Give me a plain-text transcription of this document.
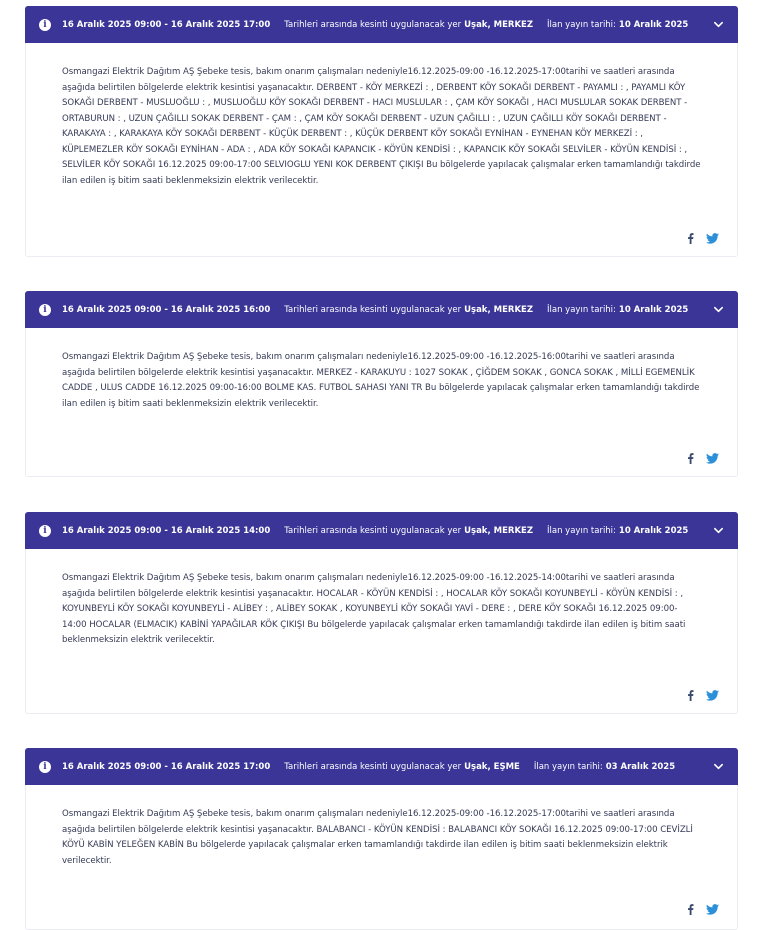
i	16 Aralık 2025 09:00 - 16 Aralık 2025 17:00 Tarihleri arasında kesinti uygulanacak yer Uşak, MERKEZ İlan yayın tarihi: 10 Aralık 2025
Osmangazi Elektrik Dağıtım AŞ Şebeke tesis, bakım onarım çalışmaları nedeniyle16.12.2025-09:00 -16.12.2025-17:00tarihi ve saatleri arasında aşağıda belirtilen bölgelerde elektrik kesintisi yaşanacaktır. DERBENT - KÖY MERKEZİ : , DERBENT KÖY SOKAĞI DERBENT - PAYAMLI : , PAYAMLI KÖY SOKAĞI DERBENT - MUSLUOĞLU : , MUSLUOĞLU KÖY SOKAĞI DERBENT - HACI MUSLULAR : , ÇAM KÖY SOKAĞI , HACI MUSLULAR SOKAK DERBENT - ORTABURUN : , UZUN ÇAĞILLI SOKAK DERBENT - ÇAM : , ÇAM KÖY SOKAĞI DERBENT - UZUN ÇAĞILLI : , UZUN ÇAĞILLI KÖY SOKAĞI DERBENT - KARAKAYA : , KARAKAYA KÖY SOKAĞI DERBENT - KÜÇÜK DERBENT : , KÜÇÜK DERBENT KÖY SOKAĞI EYNİHAN - EYNEHAN KÖY MERKEZİ : , KÜPLEMEZLER KÖY SOKAĞI EYNİHAN - ADA : , ADA KÖY SOKAĞI KAPANCIK - KÖYÜN KENDİSİ : , KAPANCIK KÖY SOKAĞI SELVİLER - KÖYÜN KENDİSİ : , SELVİLER KÖY SOKAĞI 16.12.2025 09:00-17:00 SELVIOGLU YENI KOK DERBENT ÇIKIŞI Bu bölgelerde yapılacak çalışmalar erken tamamlandığı takdirde ilan edilen iş bitim saati beklenmeksizin elektrik verilecektir.
i	16 Aralık 2025 09:00 - 16 Aralık 2025 16:00 Tarihleri arasında kesinti uygulanacak yer Uşak, MERKEZ İlan yayın tarihi: 10 Aralık 2025
Osmangazi Elektrik Dağıtım AŞ Şebeke tesis, bakım onarım çalışmaları nedeniyle16.12.2025-09:00 -16.12.2025-16:00tarihi ve saatleri arasında aşağıda belirtilen bölgelerde elektrik kesintisi yaşanacaktır. MERKEZ - KARAKUYU : 1027 SOKAK , ÇİĞDEM SOKAK , GONCA SOKAK , MİLLİ EGEMENLİK CADDE , ULUS CADDE 16.12.2025 09:00-16:00 BOLME KAS. FUTBOL SAHASI YANI TR Bu bölgelerde yapılacak çalışmalar erken tamamlandığı takdirde ilan edilen iş bitim saati beklenmeksizin elektrik verilecektir.
i	16 Aralık 2025 09:00 - 16 Aralık 2025 14:00 Tarihleri arasında kesinti uygulanacak yer Uşak, MERKEZ İlan yayın tarihi: 10 Aralık 2025
Osmangazi Elektrik Dağıtım AŞ Şebeke tesis, bakım onarım çalışmaları nedeniyle16.12.2025-09:00 -16.12.2025-14:00tarihi ve saatleri arasında aşağıda belirtilen bölgelerde elektrik kesintisi yaşanacaktır. HOCALAR - KÖYÜN KENDİSİ : , HOCALAR KÖY SOKAĞI KOYUNBEYLİ - KÖYÜN KENDİSİ : , KOYUNBEYLİ KÖY SOKAĞI KOYUNBEYLİ - ALİBEY : , ALİBEY SOKAK , KOYUNBEYLİ KÖY SOKAĞI YAVİ - DERE : , DERE KÖY SOKAĞI 16.12.2025 09:00-14:00 HOCALAR (ELMACIK) KABİNİ YAPAĞILAR KÖK ÇIKIŞI Bu bölgelerde yapılacak çalışmalar erken tamamlandığı takdirde ilan edilen iş bitim saati beklenmeksizin elektrik verilecektir.
i	16 Aralık 2025 09:00 - 16 Aralık 2025 17:00 Tarihleri arasında kesinti uygulanacak yer Uşak, EŞME İlan yayın tarihi: 03 Aralık 2025
Osmangazi Elektrik Dağıtım AŞ Şebeke tesis, bakım onarım çalışmaları nedeniyle16.12.2025-09:00 -16.12.2025-17:00tarihi ve saatleri arasında aşağıda belirtilen bölgelerde elektrik kesintisi yaşanacaktır. BALABANCI - KÖYÜN KENDİSİ : BALABANCI KÖY SOKAĞI 16.12.2025 09:00-17:00 CEVİZLİ KÖYÜ KABİN YELEĞEN KABİN Bu bölgelerde yapılacak çalışmalar erken tamamlandığı takdirde ilan edilen iş bitim saati beklenmeksizin elektrik verilecektir.
